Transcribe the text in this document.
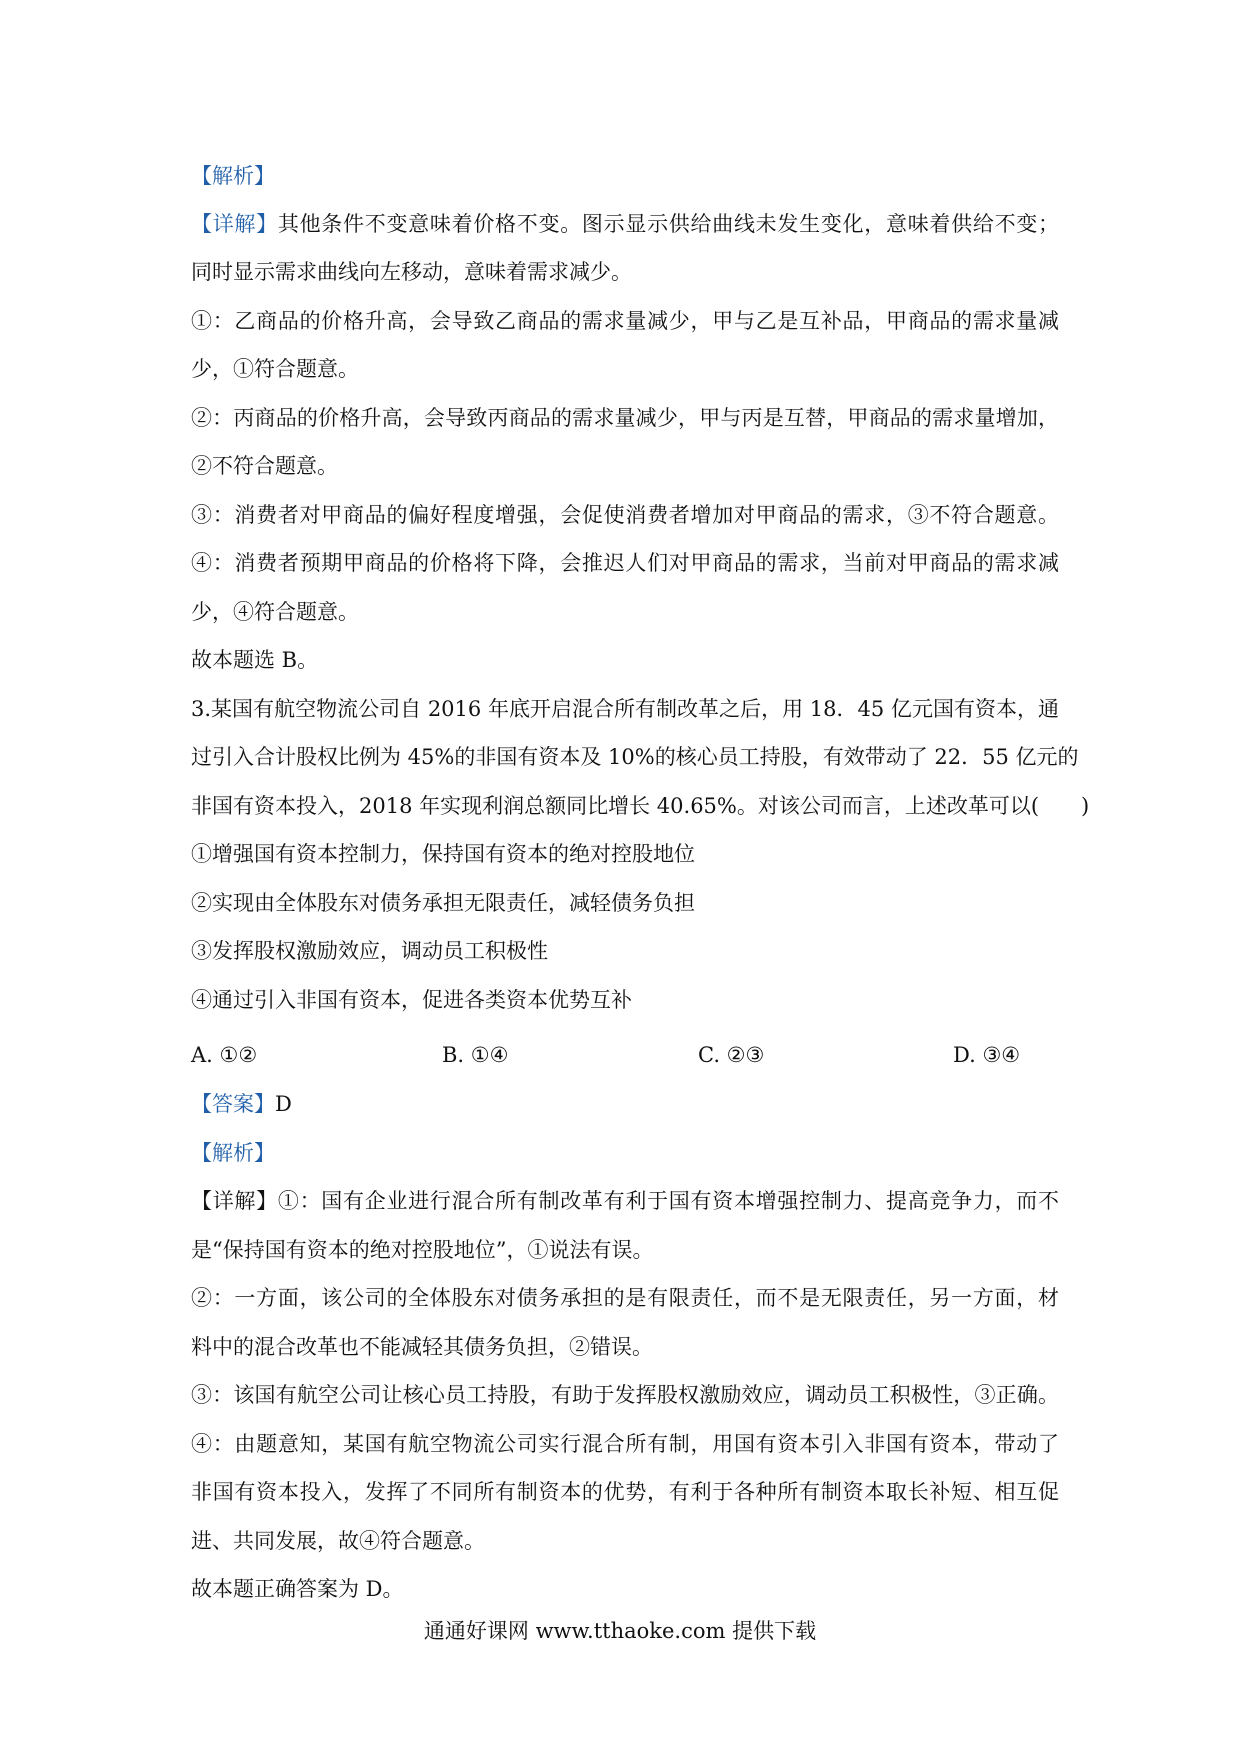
【解析】
【详解】其他条件不变意味着价格不变。图示显示供给曲线未发生变化，意味着供给不变；
同时显示需求曲线向左移动，意味着需求减少。
①：乙商品的价格升高，会导致乙商品的需求量减少，甲与乙是互补品，甲商品的需求量减
少，①符合题意。
②：丙商品的价格升高，会导致丙商品的需求量减少，甲与丙是互替，甲商品的需求量增加，
②不符合题意。
③：消费者对甲商品的偏好程度增强，会促使消费者增加对甲商品的需求，③不符合题意。
④：消费者预期甲商品的价格将下降，会推迟人们对甲商品的需求，当前对甲商品的需求减
少，④符合题意。
故本题选 B。
3.某国有航空物流公司自 2016 年底开启混合所有制改革之后，用 18．45 亿元国有资本，通
过引入合计股权比例为 45%的非国有资本及 10%的核心员工持股，有效带动了 22．55 亿元的
非国有资本投入，2018 年实现利润总额同比增长 40.65%。对该公司而言，上述改革可以(　　)
①增强国有资本控制力，保持国有资本的绝对控股地位
②实现由全体股东对债务承担无限责任，减轻债务负担
③发挥股权激励效应，调动员工积极性
④通过引入非国有资本，促进各类资本优势互补
A. ①②	B. ①④	C. ②③	D. ③④
【答案】D
【解析】
【详解】①：国有企业进行混合所有制改革有利于国有资本增强控制力、提高竞争力，而不
是“保持国有资本的绝对控股地位”，①说法有误。
②：一方面，该公司的全体股东对债务承担的是有限责任，而不是无限责任，另一方面，材
料中的混合改革也不能减轻其债务负担，②错误。
③：该国有航空公司让核心员工持股，有助于发挥股权激励效应，调动员工积极性，③正确。
④：由题意知，某国有航空物流公司实行混合所有制，用国有资本引入非国有资本，带动了
非国有资本投入，发挥了不同所有制资本的优势，有利于各种所有制资本取长补短、相互促
进、共同发展，故④符合题意。
故本题正确答案为 D。
通通好课网 www.tthaoke.com 提供下载
